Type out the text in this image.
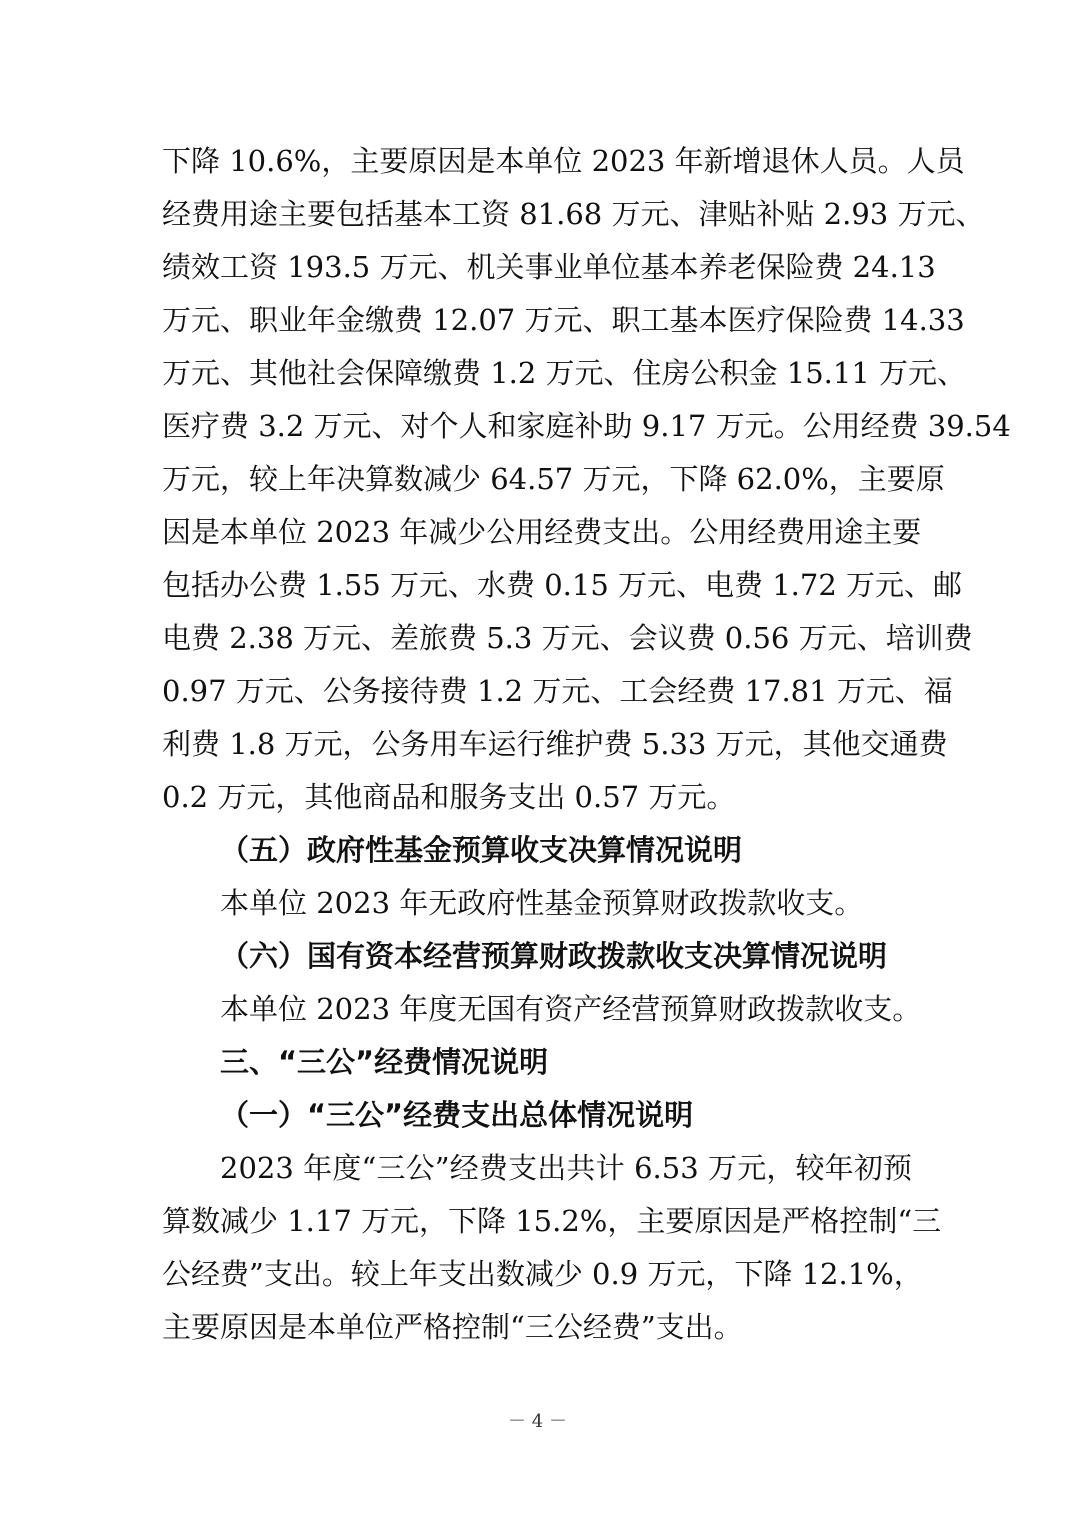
下降 10.6%，主要原因是本单位 2023 年新增退休人员。人员
经费用途主要包括基本工资 81.68 万元、津贴补贴 2.93 万元、
绩效工资 193.5 万元、机关事业单位基本养老保险费 24.13
万元、职业年金缴费 12.07 万元、职工基本医疗保险费 14.33
万元、其他社会保障缴费 1.2 万元、住房公积金 15.11 万元、
医疗费 3.2 万元、对个人和家庭补助 9.17 万元。公用经费 39.54
万元，较上年决算数减少 64.57 万元，下降 62.0%，主要原
因是本单位 2023 年减少公用经费支出。公用经费用途主要
包括办公费 1.55 万元、水费 0.15 万元、电费 1.72 万元、邮
电费 2.38 万元、差旅费 5.3 万元、会议费 0.56 万元、培训费
0.97 万元、公务接待费 1.2 万元、工会经费 17.81 万元、福
利费 1.8 万元，公务用车运行维护费 5.33 万元，其他交通费
0.2 万元，其他商品和服务支出 0.57 万元。
（五）政府性基金预算收支决算情况说明
本单位 2023 年无政府性基金预算财政拨款收支。
（六）国有资本经营预算财政拨款收支决算情况说明
本单位 2023 年度无国有资产经营预算财政拨款收支。
三、“三公”经费情况说明
（一）“三公”经费支出总体情况说明
2023 年度“三公”经费支出共计 6.53 万元，较年初预
算数减少 1.17 万元，下降 15.2%，主要原因是严格控制“三
公经费”支出。较上年支出数减少 0.9 万元，下降 12.1%，
主要原因是本单位严格控制“三公经费”支出。
－ 4 －
